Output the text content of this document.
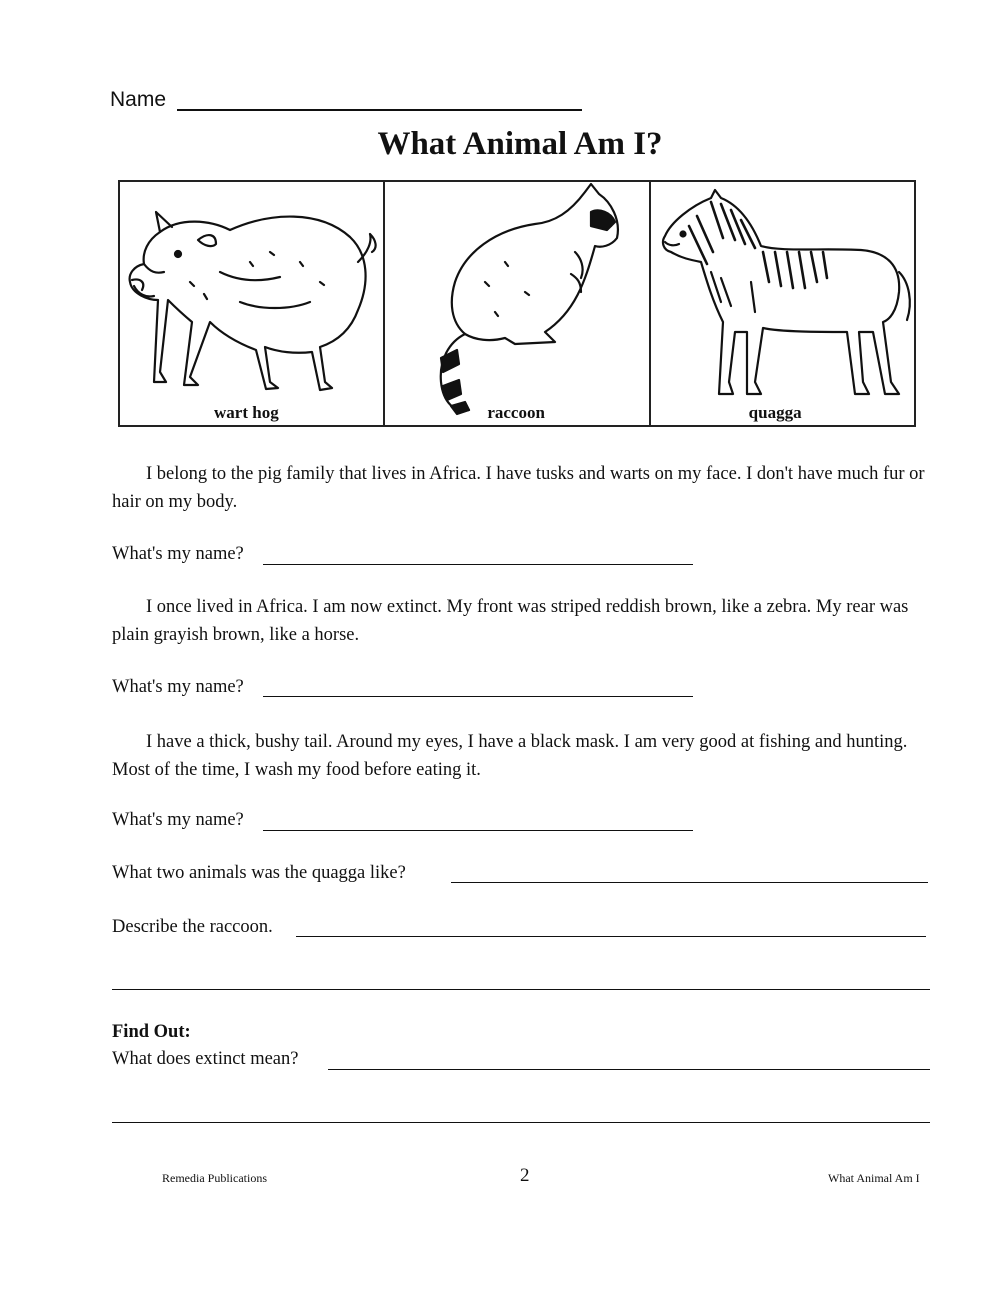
Name
What Animal Am I?
wart hog	raccoon	quagga
I belong to the pig family that lives in Africa. I have tusks and warts on my face. I don't have much fur or hair on my body.
What's my name?
I once lived in Africa. I am now extinct. My front was striped reddish brown, like a zebra. My rear was plain grayish brown, like a horse.
What's my name?
I have a thick, bushy tail. Around my eyes, I have a black mask. I am very good at fishing and hunting. Most of the time, I wash my food before eating it.
What's my name?
What two animals was the quagga like?
Describe the raccoon.
Find Out:
What does extinct mean?
Remedia Publications	2	What Animal Am I
